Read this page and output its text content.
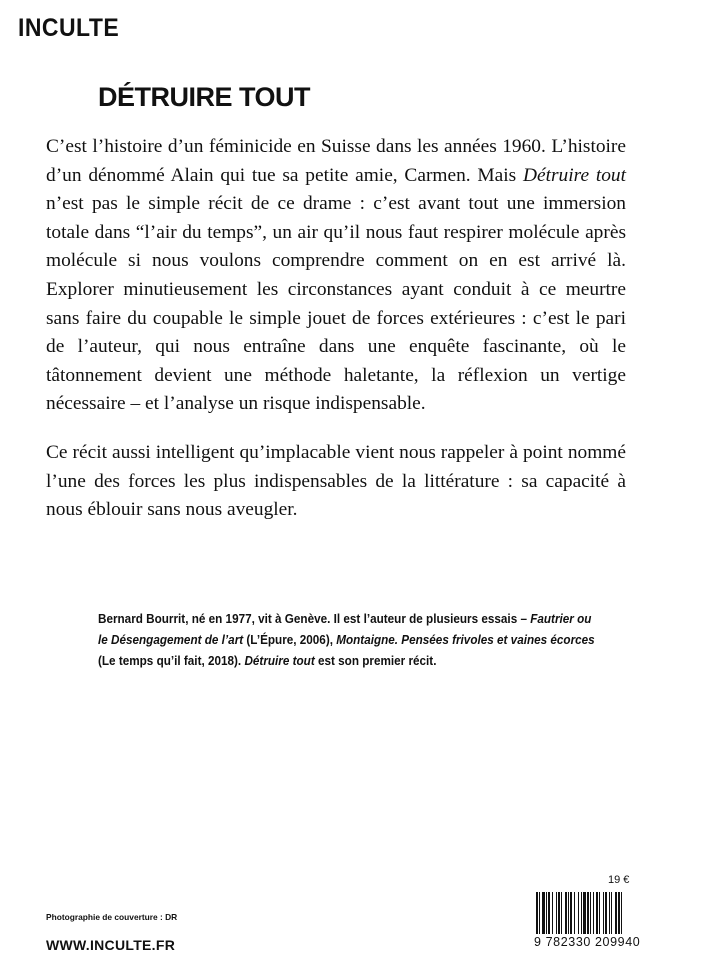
INCULTE
DÉTRUIRE TOUT

C’est l’histoire d’un féminicide en Suisse dans les années 1960. L’histoire d’un dénommé Alain qui tue sa petite amie, Carmen. Mais Détruire tout n’est pas le simple récit de ce drame : c’est avant tout une immersion totale dans “l’air du temps”, un air qu’il nous faut respirer molécule après molécule si nous voulons comprendre comment on en est arrivé là. Explorer minutieusement les circonstances ayant conduit à ce meurtre sans faire du coupable le simple jouet de forces extérieures : c’est le pari de l’auteur, qui nous entraîne dans une enquête fascinante, où le tâtonnement devient une méthode haletante, la réflexion un vertige nécessaire – et l’analyse un risque indispensable.

Ce récit aussi intelligent qu’implacable vient nous rappeler à point nommé l’une des forces les plus indispensables de la littérature : sa capacité à nous éblouir sans nous aveugler.

Bernard Bourrit, né en 1977, vit à Genève. Il est l’auteur de plusieurs essais – Fautrier ou le Désengagement de l’art (L’Épure, 2006), Montaigne. Pensées frivoles et vaines écorces (Le temps qu’il fait, 2018). Détruire tout est son premier récit.

Photographie de couverture : DR
WWW.INCULTE.FR
19 €
9 782330 209940
